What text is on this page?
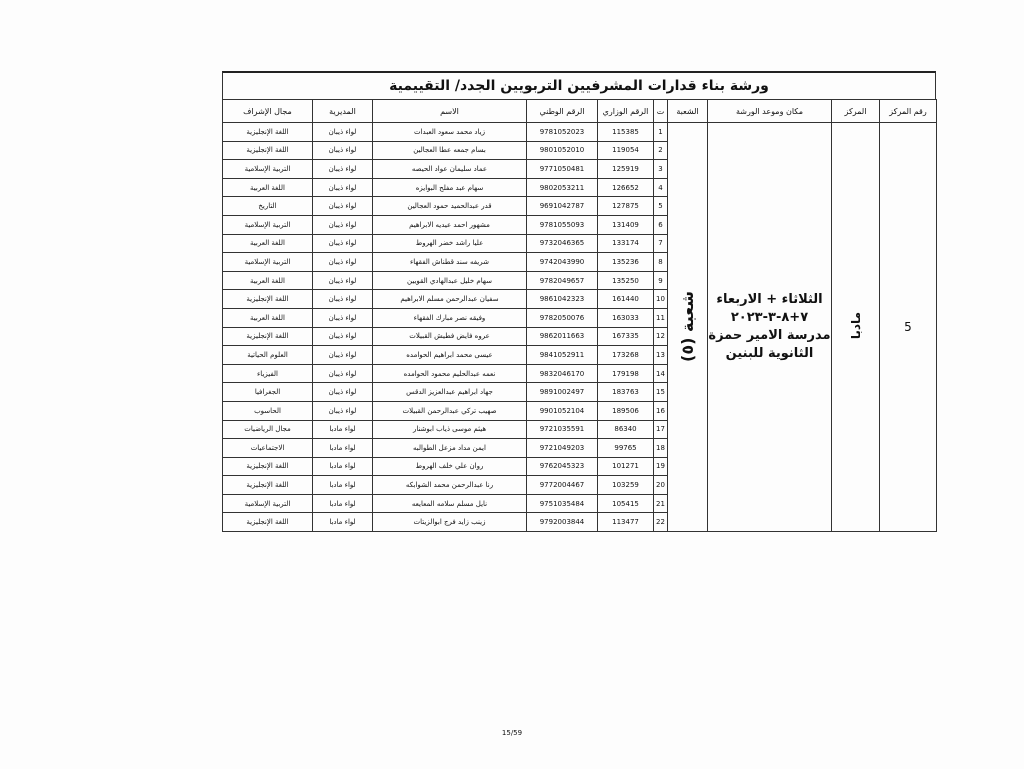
ورشة بناء قدارات المشرفيين التربويين الجدد/ التقييمية
رقم المركز	المركز	مكان وموعد الورشة	الشعبة	ت	الرقم الوزاري	الرقم الوطني	الاسم	المديرية	مجال الإشراف
5	مادبا	الثلاثاء + الاربعاء ٧+٨-٣-٢٠٢٣ مدرسة الامير حمزة الثانوية للبنين	شعبة (٥)	1	115385	9781052023	زياد محمد سعود العبدات	لواء ذيبان	اللغة الإنجليزية
				2	119054	9801052010	بسام جمعه عطا العجالين	لواء ذيبان	اللغة الإنجليزية
				3	125919	9771050481	عماد سليمان عواد الحيصه	لواء ذيبان	التربية الإسلامية
				4	126652	9802053211	سهام عبد مفلح البوايزه	لواء ذيبان	اللغة العربية
				5	127875	9691042787	قدر عبدالحميد حمود العجالين	لواء ذيبان	التاريخ
				6	131409	9781055093	مشهور احمد عيديه الابراهيم	لواء ذيبان	التربية الإسلامية
				7	133174	9732046365	عليا راشد خضر الهروط	لواء ذيبان	اللغة العربية
				8	135236	9742043990	شريفه سند قطناش الفقهاء	لواء ذيبان	التربية الإسلامية
				9	135250	9782049657	سهام خليل عبدالهادي القويين	لواء ذيبان	اللغة العربية
				10	161440	9861042323	سفيان عبدالرحمن مسلم الابراهيم	لواء ذيبان	اللغة الإنجليزية
				11	163033	9782050076	وفيقه نصر مبارك الفقهاء	لواء ذيبان	اللغة العربية
				12	167335	9862011663	عروه فايض فطيش القبيلات	لواء ذيبان	اللغة الإنجليزية
				13	173268	9841052911	عيسى محمد ابراهيم الحوامده	لواء ذيبان	العلوم الحياتية
				14	179198	9832046170	نعمه عبدالحليم محمود الحوامده	لواء ذيبان	الفيزياء
				15	183763	9891002497	جهاد ابراهيم عبدالعزيز الدقس	لواء ذيبان	الجغرافيا
				16	189506	9901052104	صهيب تركي عبدالرحمن القبيلات	لواء ذيبان	الحاسوب
				17	86340	9721035591	هيثم موسى ذياب ابوشنار	لواء مادبا	مجال الرياضيات
				18	99765	9721049203	ايمن مداد مزعل الطوالبه	لواء مادبا	الاجتماعيات
				19	101271	9762045323	روان علي خلف الهروط	لواء مادبا	اللغة الإنجليزية
				20	103259	9772004467	رنا عبدالرحمن محمد الشوابكه	لواء مادبا	اللغة الإنجليزية
				21	105415	9751035484	نايل مسلم سلامه المعايعه	لواء مادبا	التربية الإسلامية
				22	113477	9792003844	زينب زايد فرج ابوالزيتات	لواء مادبا	اللغة الإنجليزية
15/59
